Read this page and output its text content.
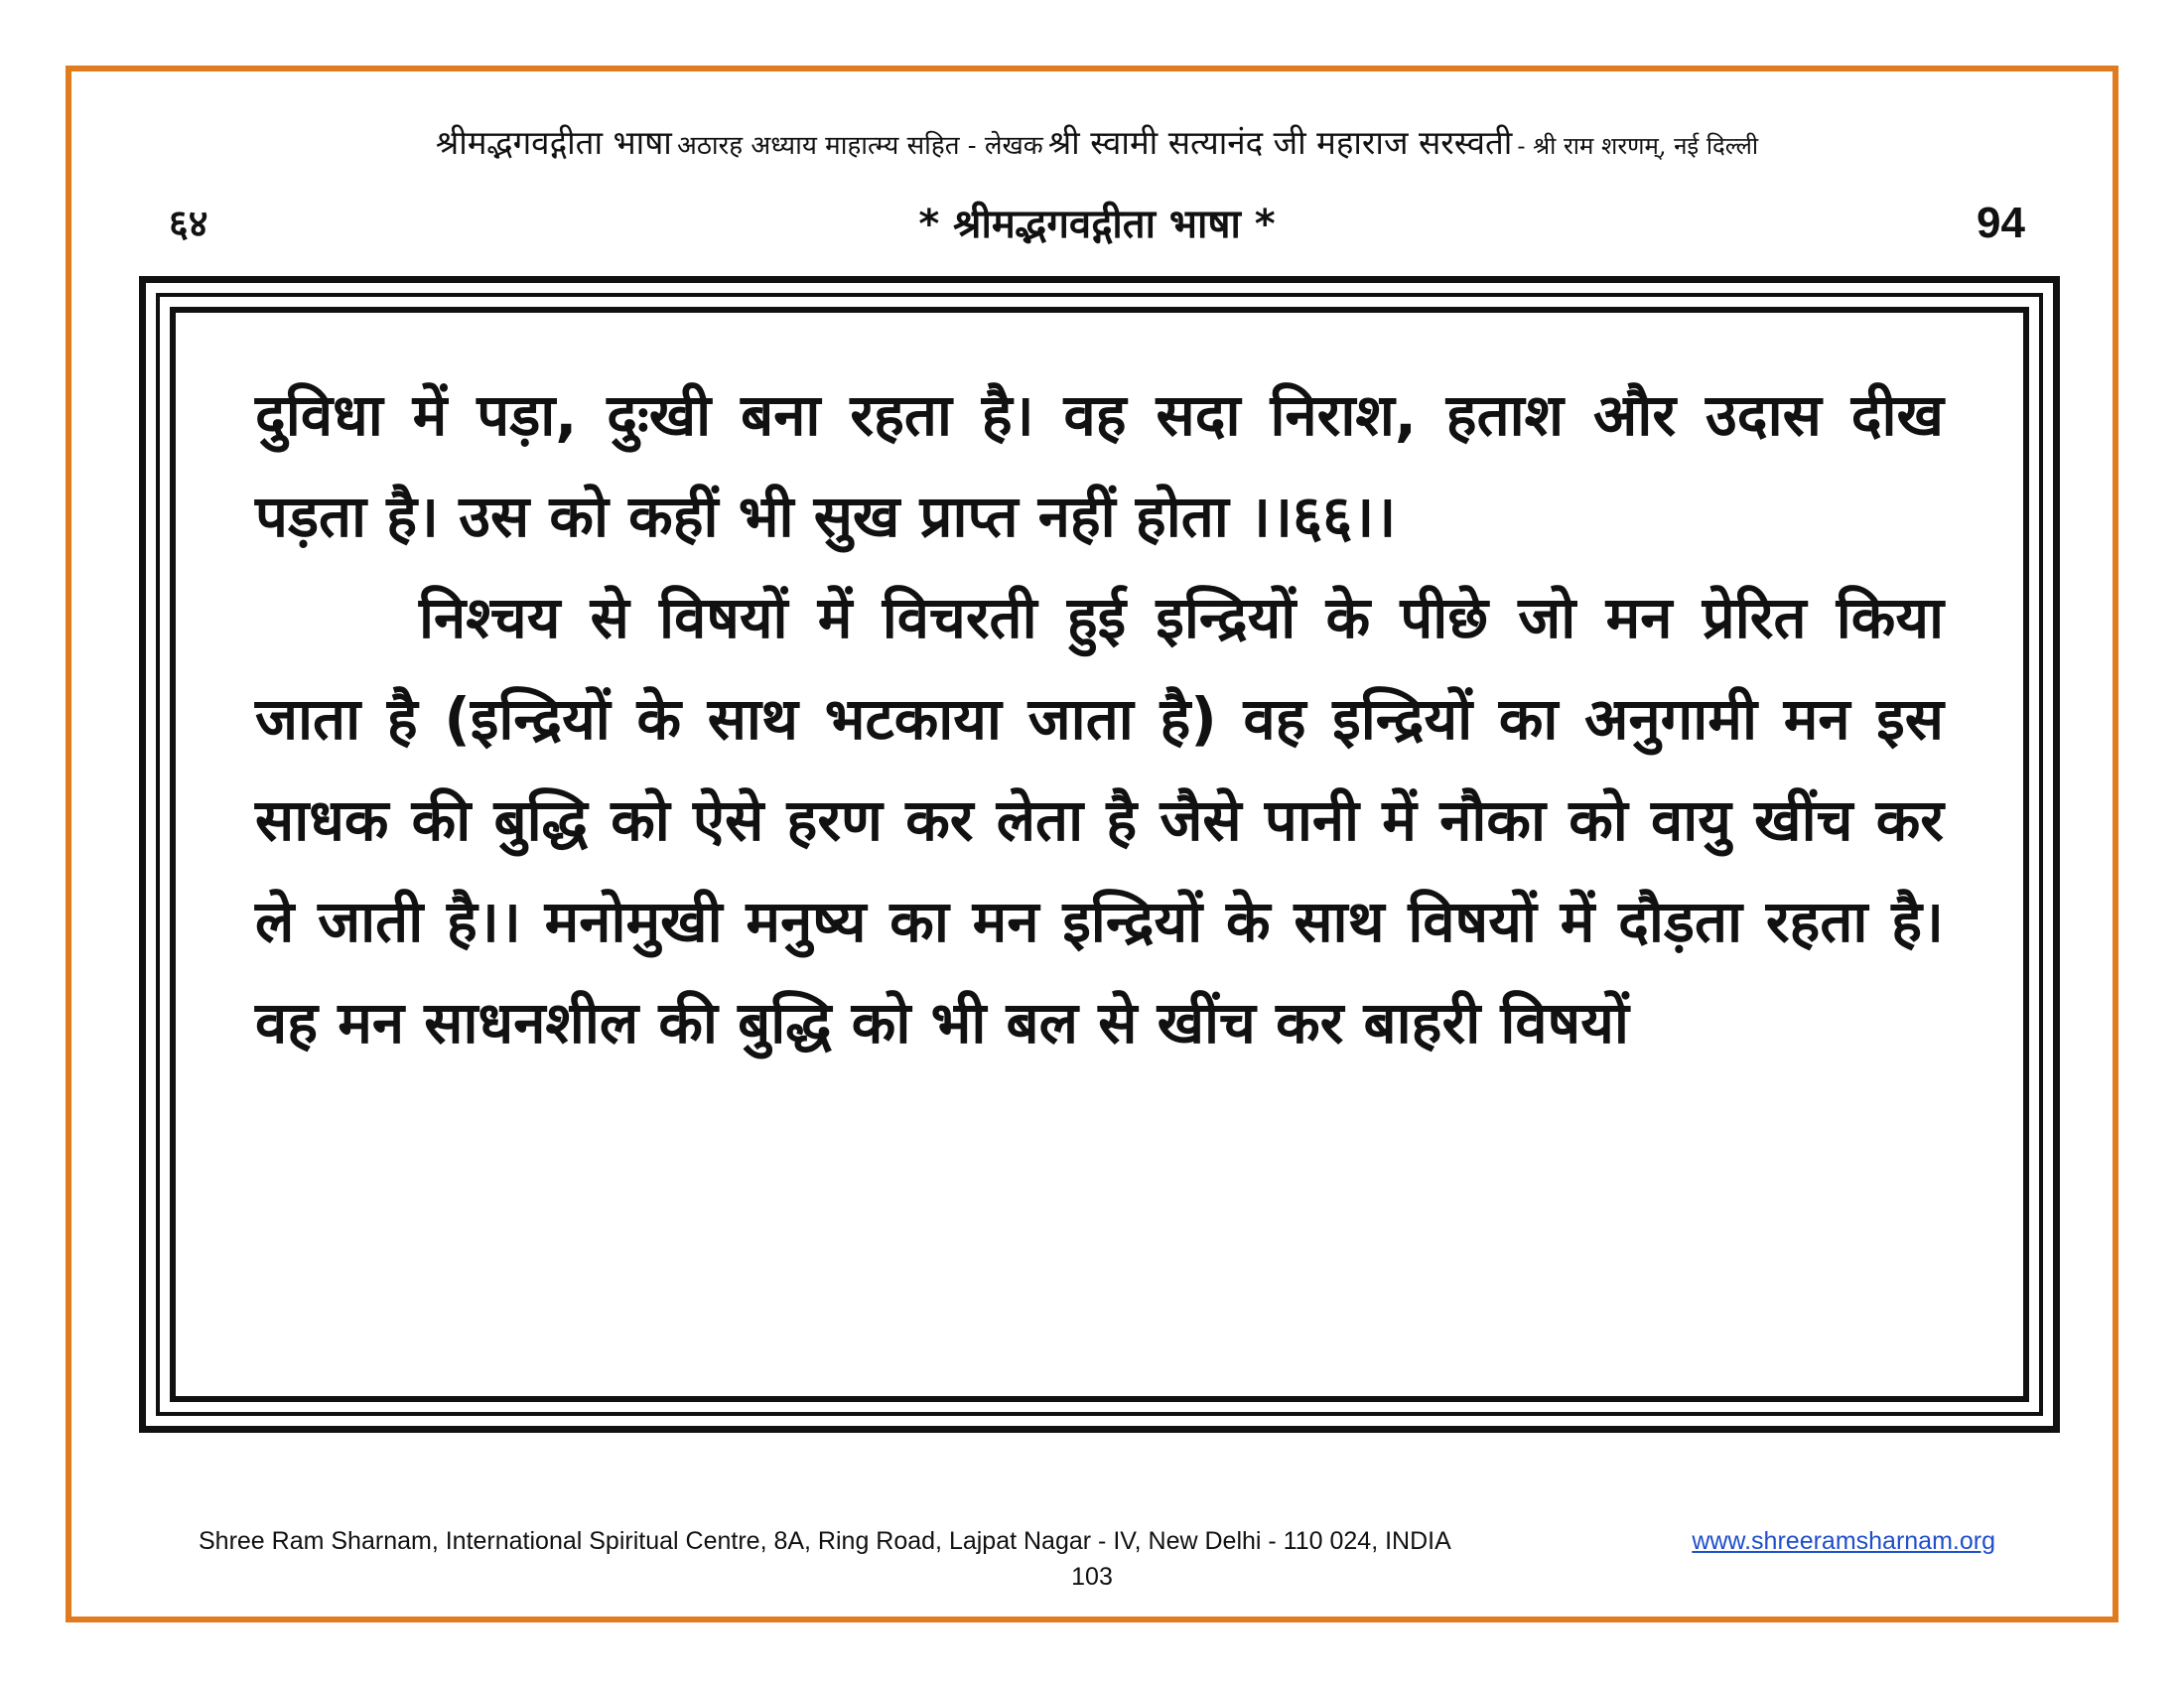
श्रीमद्भगवद्गीता भाषा अठारह अध्याय माहात्म्य सहित - लेखक श्री स्वामी सत्यानंद जी महाराज सरस्वती - श्री राम शरणम्, नई दिल्ली
६४	* श्रीमद्भगवद्गीता भाषा *	94

दुविधा में पड़ा, दुःखी बना रहता है। वह सदा निराश, हताश और उदास दीख पड़ता है। उस को कहीं भी सुख प्राप्त नहीं होता ।।६६।।

निश्चय से विषयों में विचरती हुई इन्द्रियों के पीछे जो मन प्रेरित किया जाता है (इन्द्रियों के साथ भटकाया जाता है) वह इन्द्रियों का अनुगामी मन इस साधक की बुद्धि को ऐसे हरण कर लेता है जैसे पानी में नौका को वायु खींच कर ले जाती है।। मनोमुखी मनुष्य का मन इन्द्रियों के साथ विषयों में दौड़ता रहता है। वह मन साधनशील की बुद्धि को भी बल से खींच कर बाहरी विषयों

Shree Ram Sharnam, International Spiritual Centre, 8A, Ring Road, Lajpat Nagar - IV, New Delhi - 110 024, INDIA	www.shreeramsharnam.org
103
